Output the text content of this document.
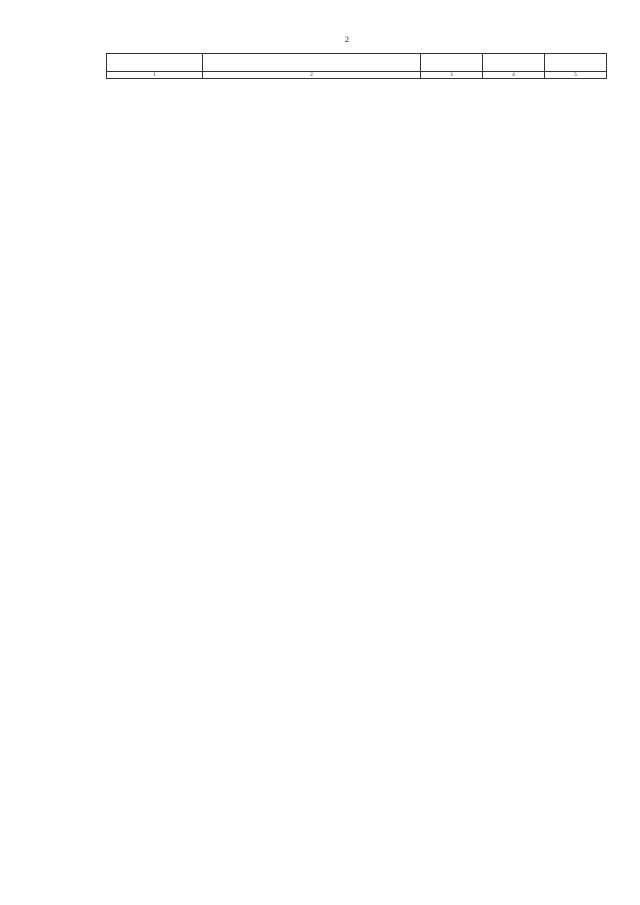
2

1	2	3	4	5
